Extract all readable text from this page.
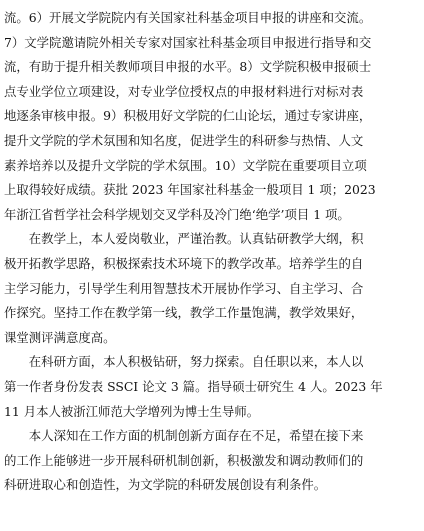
流。6）开展文学院院内有关国家社科基金项目申报的讲座和交流。
7）文学院邀请院外相关专家对国家社科基金项目申报进行指导和交
流，有助于提升相关教师项目申报的水平。8）文学院积极申报硕士
点专业学位立项建设，对专业学位授权点的申报材料进行对标对表
地逐条审核申报。9）积极用好文学院的仁山论坛，通过专家讲座，
提升文学院的学术氛围和知名度，促进学生的科研参与热情、人文
素养培养以及提升文学院的学术氛围。10）文学院在重要项目立项
上取得较好成绩。获批 2023 年国家社科基金一般项目 1 项；2023
年浙江省哲学社会科学规划交叉学科及冷门绝‘绝学’项目 1 项。
在教学上，本人爱岗敬业，严谨治教。认真钻研教学大纲，积
极开拓教学思路，积极探索技术环境下的教学改革。培养学生的自
主学习能力，引导学生利用智慧技术开展协作学习、自主学习、合
作探究。坚持工作在教学第一线，教学工作量饱满，教学效果好，
课堂测评满意度高。
在科研方面，本人积极钻研，努力探索。自任职以来，本人以
第一作者身份发表 SSCI 论文 3 篇。指导硕士研究生 4 人。2023 年
11 月本人被浙江师范大学增列为博士生导师。
本人深知在工作方面的机制创新方面存在不足，希望在接下来
的工作上能够进一步开展科研机制创新，积极激发和调动教师们的
科研进取心和创造性，为文学院的科研发展创设有利条件。
